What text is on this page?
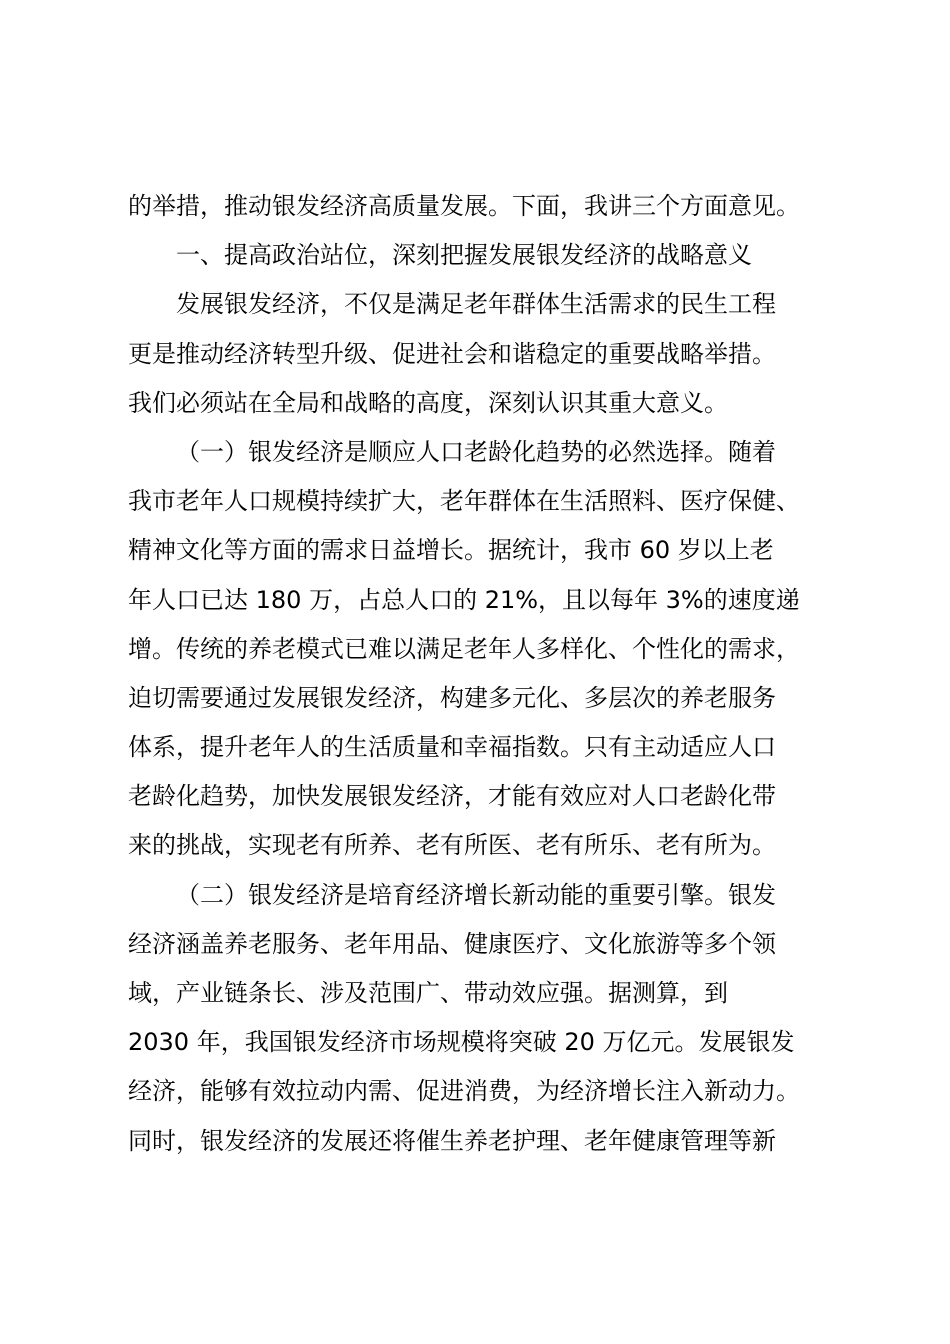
的举措，推动银发经济高质量发展。下面，我讲三个方面意见。
一、提高政治站位，深刻把握发展银发经济的战略意义
发展银发经济，不仅是满足老年群体生活需求的民生工程
更是推动经济转型升级、促进社会和谐稳定的重要战略举措。
我们必须站在全局和战略的高度，深刻认识其重大意义。
（一）银发经济是顺应人口老龄化趋势的必然选择。随着
我市老年人口规模持续扩大，老年群体在生活照料、医疗保健、
精神文化等方面的需求日益增长。据统计，我市 60 岁以上老
年人口已达 180 万，占总人口的 21%，且以每年 3%的速度递
增。传统的养老模式已难以满足老年人多样化、个性化的需求，
迫切需要通过发展银发经济，构建多元化、多层次的养老服务
体系，提升老年人的生活质量和幸福指数。只有主动适应人口
老龄化趋势，加快发展银发经济，才能有效应对人口老龄化带
来的挑战，实现老有所养、老有所医、老有所乐、老有所为。
（二）银发经济是培育经济增长新动能的重要引擎。银发
经济涵盖养老服务、老年用品、健康医疗、文化旅游等多个领
域，产业链条长、涉及范围广、带动效应强。据测算，到
2030 年，我国银发经济市场规模将突破 20 万亿元。发展银发
经济，能够有效拉动内需、促进消费，为经济增长注入新动力。
同时，银发经济的发展还将催生养老护理、老年健康管理等新
